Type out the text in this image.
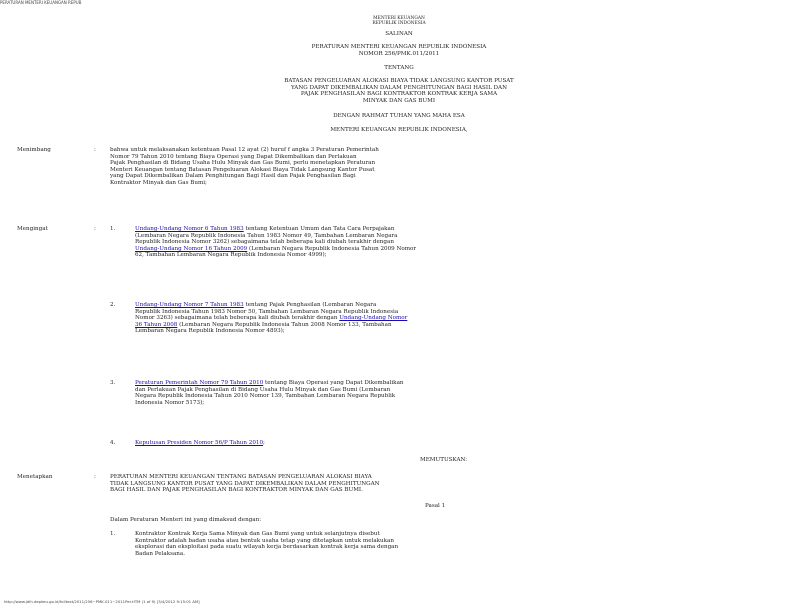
PERATURAN MENTERI KEUANGAN REPUB
MENTERI KEUANGAN
REPUBLIK INDONESIA
SALINAN
PERATURAN MENTERI KEUANGAN REPUBLIK INDONESIA
NOMOR 256/PMK.011/2011
TENTANG
BATASAN PENGELUARAN ALOKASI BIAYA TIDAK LANGSUNG KANTOR PUSAT
YANG DAPAT DIKEMBALIKAN DALAM PENGHITUNGAN BAGI HASIL DAN
PAJAK PENGHASILAN BAGI KONTRAKTOR KONTRAK KERJA SAMA
MINYAK DAN GAS BUMI
DENGAN RAHMAT TUHAN YANG MAHA ESA
MENTERI KEUANGAN REPUBLIK INDONESIA,
Menimbang	:	bahwa untuk melaksanakan ketentuan Pasal 12 ayat (2) huruf f angka 3 Peraturan Pemerintah
Nomor 79 Tahun 2010 tentang Biaya Operasi yang Dapat Dikembalikan dan Perlakuan
Pajak Penghasilan di Bidang Usaha Hulu Minyak dan Gas Bumi, perlu menetapkan Peraturan
Menteri Keuangan tentang Batasan Pengeluaran Alokasi Biaya Tidak Langsung Kantor Pusat
yang Dapat Dikembalikan Dalam Penghitungan Bagi Hasil dan Pajak Penghasilan Bagi
Kontraktor Minyak dan Gas Bumi;
Mengingat	:	1.	Undang-Undang Nomor 6 Tahun 1983 tentang Ketentuan Umum dan Tata Cara Perpajakan
(Lembaran Negara Republik Indonesia Tahun 1983 Nomor 49, Tambahan Lembaran Negara
Republik Indonesia Nomor 3262) sebagaimana telah beberapa kali diubah terakhir dengan
Undang-Undang Nomor 16 Tahun 2009 (Lembaran Negara Republik Indonesia Tahun 2009 Nomor
62, Tambahan Lembaran Negara Republik Indonesia Nomor 4999);
2.	Undang-Undang Nomor 7 Tahun 1983 tentang Pajak Penghasilan (Lembaran Negara
Republik Indonesia Tahun 1983 Nomor 50, Tambahan Lembaran Negara Republik Indonesia
Nomor 3263) sebagaimana telah beberapa kali diubah terakhir dengan Undang-Undang Nomor
36 Tahun 2008 (Lembaran Negara Republik Indonesia Tahun 2008 Nomor 133, Tambahan
Lembaran Negara Republik Indonesia Nomor 4893);
3.	Peraturan Pemerintah Nomor 79 Tahun 2010 tentang Biaya Operasi yang Dapat Dikembalikan
dan Perlakuan Pajak Penghasilan di Bidang Usaha Hulu Minyak dan Gas Bumi (Lembaran
Negara Republik Indonesia Tahun 2010 Nomor 139, Tambahan Lembaran Negara Republik
Indonesia Nomor 5173);
4.	Keputusan Presiden Nomor 56/P Tahun 2010;
MEMUTUSKAN:
Menetapkan	:	PERATURAN MENTERI KEUANGAN TENTANG BATASAN PENGELUARAN ALOKASI BIAYA
TIDAK LANGSUNG KANTOR PUSAT YANG DAPAT DIKEMBALIKAN DALAM PENGHITUNGAN
BAGI HASIL DAN PAJAK PENGHASILAN BAGI KONTRAKTOR MINYAK DAN GAS BUMI.
Pasal 1
Dalam Peraturan Menteri ini yang dimaksud dengan:
1.	Kontraktor Kontrak Kerja Sama Minyak dan Gas Bumi yang untuk selanjutnya disebut
Kontraktor adalah badan usaha atau bentuk usaha tetap yang ditetapkan untuk melakukan
eksplorasi dan eksploitasi pada suatu wilayah kerja berdasarkan kontrak kerja sama dengan
Badan Pelaksana.
http://www.jdih.depkeu.go.id/fulltext/2011/256~PMK.011~2011Per.HTM (1 of 9) [3/4/2012 9:15:01 AM]
